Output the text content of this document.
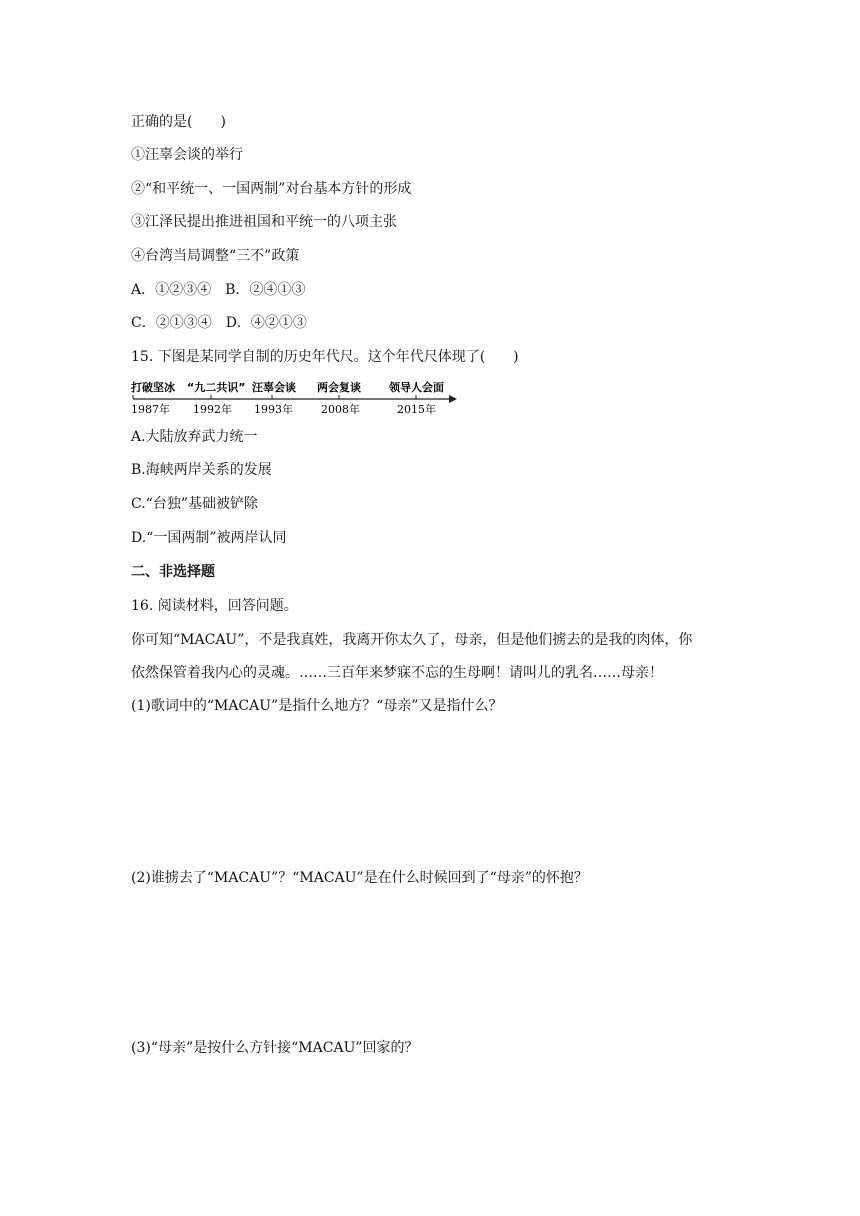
正确的是(　　)
①汪辜会谈的举行
②“和平统一、一国两制”对台基本方针的形成
③江泽民提出推进祖国和平统一的八项主张
④台湾当局调整“三不”政策
A．①②③④　B．②④①③
C．②①③④　D．④②①③
15. 下图是某同学自制的历史年代尺。这个年代尺体现了(　　)
打破坚冰 “九二共识” 汪辜会谈 两会复谈	领导人会面
1987年 1992年 1993年	2008年	2015年
A.大陆放弃武力统一
B.海峡两岸关系的发展
C.“台独”基础被铲除
D.“一国两制”被两岸认同
二、非选择题
16. 阅读材料，回答问题。
你可知“MACAU”，不是我真姓，我离开你太久了，母亲，但是他们掳去的是我的肉体，你
依然保管着我内心的灵魂。……三百年来梦寐不忘的生母啊！请叫儿的乳名……母亲！
(1)歌词中的“MACAU”是指什么地方？“母亲”又是指什么？
(2)谁掳去了“MACAU”？“MACAU”是在什么时候回到了“母亲”的怀抱？
(3)“母亲”是按什么方针接“MACAU”回家的？
